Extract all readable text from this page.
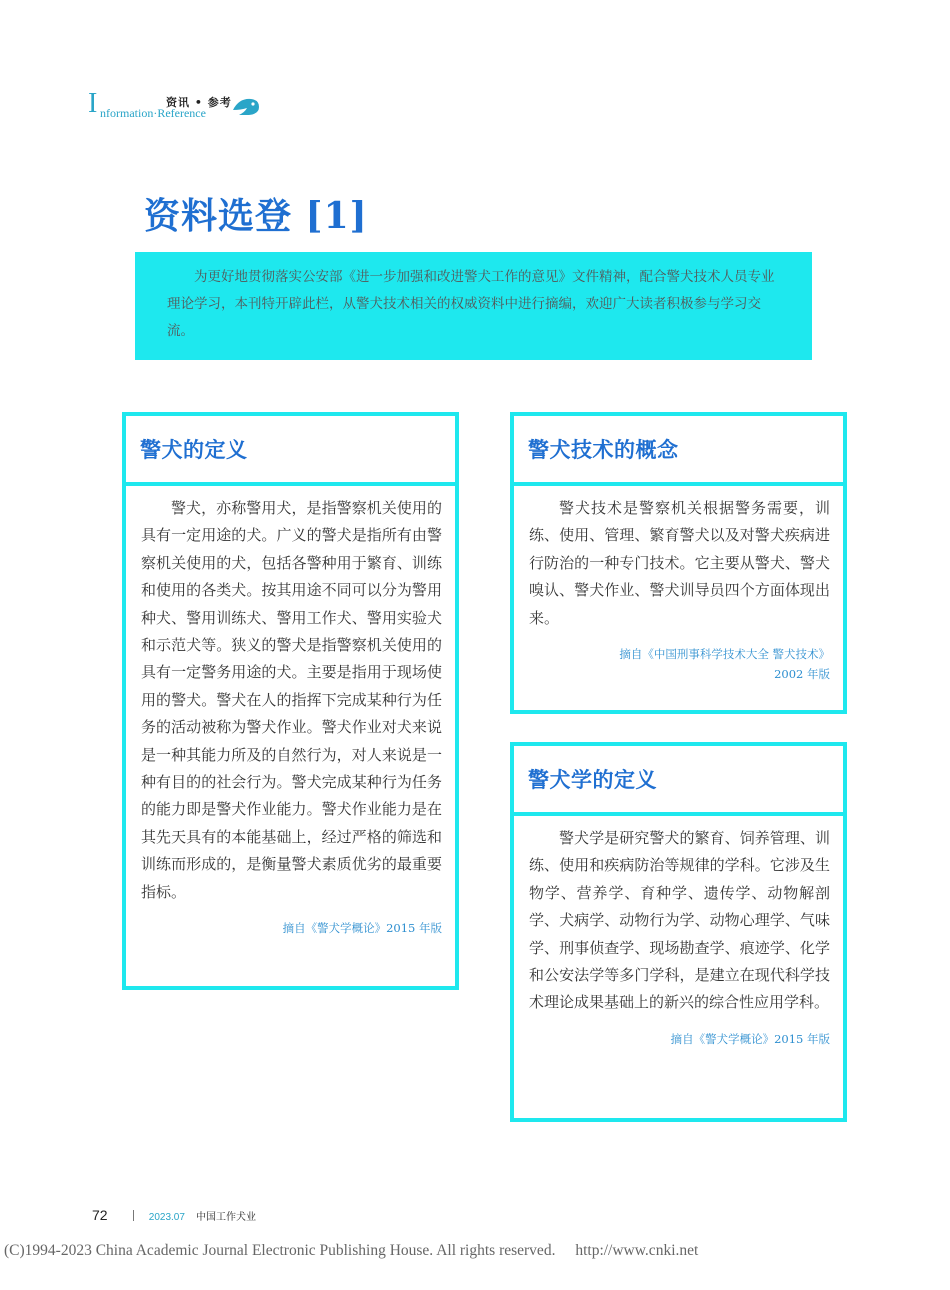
I	资讯 • 参考
nformation·Reference
资料选登 [1]

为更好地贯彻落实公安部《进一步加强和改进警犬工作的意见》文件精神，配合警犬技术人员专业理论学习，本刊特开辟此栏，从警犬技术相关的权威资料中进行摘编，欢迎广大读者积极参与学习交流。

警犬的定义

警犬，亦称警用犬，是指警察机关使用的具有一定用途的犬。广义的警犬是指所有由警察机关使用的犬，包括各警种用于繁育、训练和使用的各类犬。按其用途不同可以分为警用种犬、警用训练犬、警用工作犬、警用实验犬和示范犬等。狭义的警犬是指警察机关使用的具有一定警务用途的犬。主要是指用于现场使用的警犬。警犬在人的指挥下完成某种行为任务的活动被称为警犬作业。警犬作业对犬来说是一种其能力所及的自然行为，对人来说是一种有目的的社会行为。警犬完成某种行为任务的能力即是警犬作业能力。警犬作业能力是在其先天具有的本能基础上，经过严格的筛选和训练而形成的，是衡量警犬素质优劣的最重要指标。

摘自《警犬学概论》2015 年版
警犬技术的概念

警犬技术是警察机关根据警务需要，训练、使用、管理、繁育警犬以及对警犬疾病进行防治的一种专门技术。它主要从警犬、警犬嗅认、警犬作业、警犬训导员四个方面体现出来。

摘自《中国刑事科学技术大全 警犬技术》
2002 年版
警犬学的定义

警犬学是研究警犬的繁育、饲养管理、训练、使用和疾病防治等规律的学科。它涉及生物学、营养学、育种学、遗传学、动物解剖学、犬病学、动物行为学、动物心理学、气味学、刑事侦查学、现场勘查学、痕迹学、化学和公安法学等多门学科，是建立在现代科学技术理论成果基础上的新兴的综合性应用学科。

摘自《警犬学概论》2015 年版
72	2023.07 中国工作犬业
(C)1994-2023 China Academic Journal Electronic Publishing House. All rights reserved. http://www.cnki.net
